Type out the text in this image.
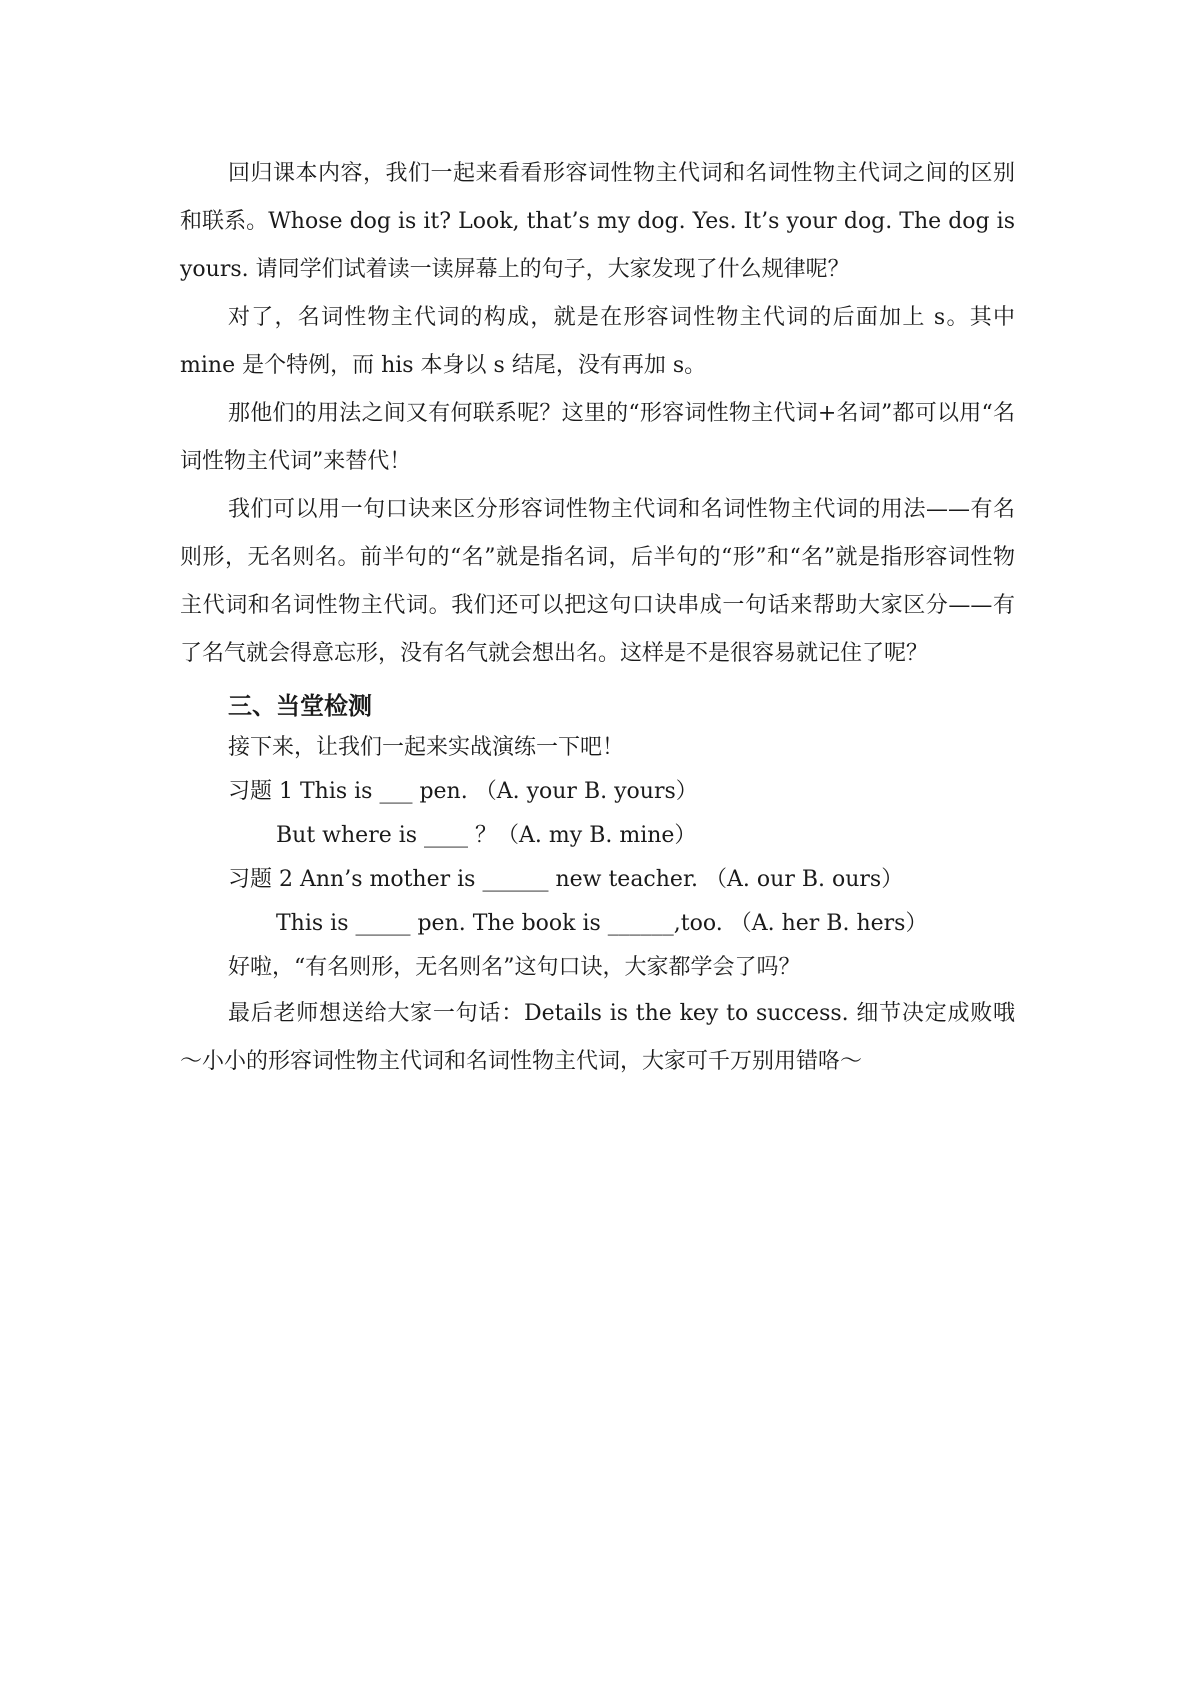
回归课本内容，我们一起来看看形容词性物主代词和名词性物主代词之间的区别和联系。Whose dog is it? Look, that’s my dog. Yes. It’s your dog. The dog is yours. 请同学们试着读一读屏幕上的句子，大家发现了什么规律呢？

对了，名词性物主代词的构成，就是在形容词性物主代词的后面加上 s。其中 mine 是个特例，而 his 本身以 s 结尾，没有再加 s。

那他们的用法之间又有何联系呢？这里的“形容词性物主代词+名词”都可以用“名词性物主代词”来替代！

我们可以用一句口诀来区分形容词性物主代词和名词性物主代词的用法——有名则形，无名则名。前半句的“名”就是指名词，后半句的“形”和“名”就是指形容词性物主代词和名词性物主代词。我们还可以把这句口诀串成一句话来帮助大家区分——有了名气就会得意忘形，没有名气就会想出名。这样是不是很容易就记住了呢？

三、当堂检测

接下来，让我们一起来实战演练一下吧！

习题 1 This is ___ pen. （A. your B. yours）

But where is ____ ？（A. my B. mine）

习题 2 Ann’s mother is ______ new teacher. （A. our B. ours）

This is _____ pen. The book is ______,too. （A. her B. hers）

好啦，“有名则形，无名则名”这句口诀，大家都学会了吗？

最后老师想送给大家一句话：Details is the key to success. 细节决定成败哦～小小的形容词性物主代词和名词性物主代词，大家可千万别用错咯～
